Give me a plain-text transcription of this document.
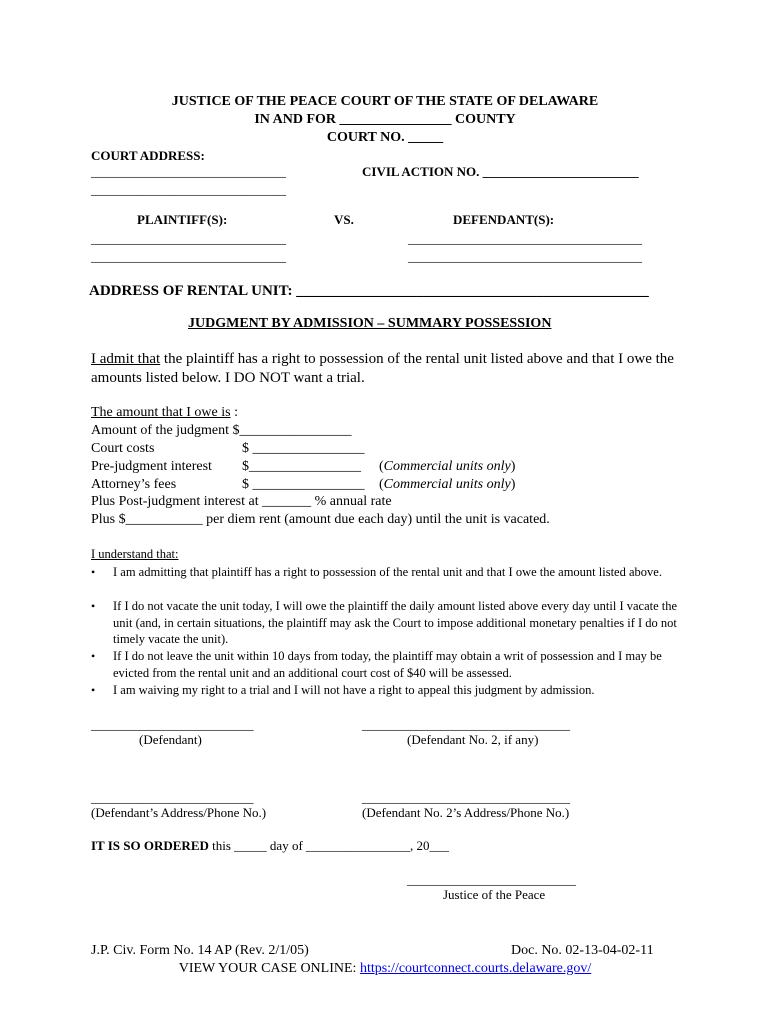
JUSTICE OF THE PEACE COURT OF THE STATE OF DELAWARE
IN AND FOR ________________ COUNTY
COURT NO. _____
COURT ADDRESS:
______________________________	CIVIL ACTION NO. ________________________
______________________________
PLAINTIFF(S):	VS.	DEFENDANT(S):
______________________________	____________________________________
______________________________	____________________________________
ADDRESS OF RENTAL UNIT: _______________________________________________
JUDGMENT BY ADMISSION – SUMMARY POSSESSION
I admit that the plaintiff has a right to possession of the rental unit listed above and that I owe the
amounts listed below. I DO NOT want a trial.
The amount that I owe is :
Amount of the judgment $________________
Court costs	$ ________________
Pre-judgment interest $________________ (Commercial units only)
Attorney’s fees	$ ________________ (Commercial units only)
Plus Post-judgment interest at _______ % annual rate
Plus $___________ per diem rent (amount due each day) until the unit is vacated.
I understand that:
• I am admitting that plaintiff has a right to possession of the rental unit and that I owe the amount listed above.
• If I do not vacate the unit today, I will owe the plaintiff the daily amount listed above every day until I vacate the unit (and, in certain situations, the plaintiff may ask the Court to impose additional monetary penalties if I do not timely vacate the unit).
• If I do not leave the unit within 10 days from today, the plaintiff may obtain a writ of possession and I may be evicted from the rental unit and an additional court cost of $40 will be assessed.
• I am waiving my right to a trial and I will not have a right to appeal this judgment by admission.
_________________________	________________________________
(Defendant)	(Defendant No. 2, if any)
_________________________	________________________________
(Defendant’s Address/Phone No.)	(Defendant No. 2’s Address/Phone No.)
IT IS SO ORDERED this _____ day of ________________, 20___
__________________________
Justice of the Peace
J.P. Civ. Form No. 14 AP (Rev. 2/1/05)	Doc. No. 02-13-04-02-11
VIEW YOUR CASE ONLINE: https://courtconnect.courts.delaware.gov/
